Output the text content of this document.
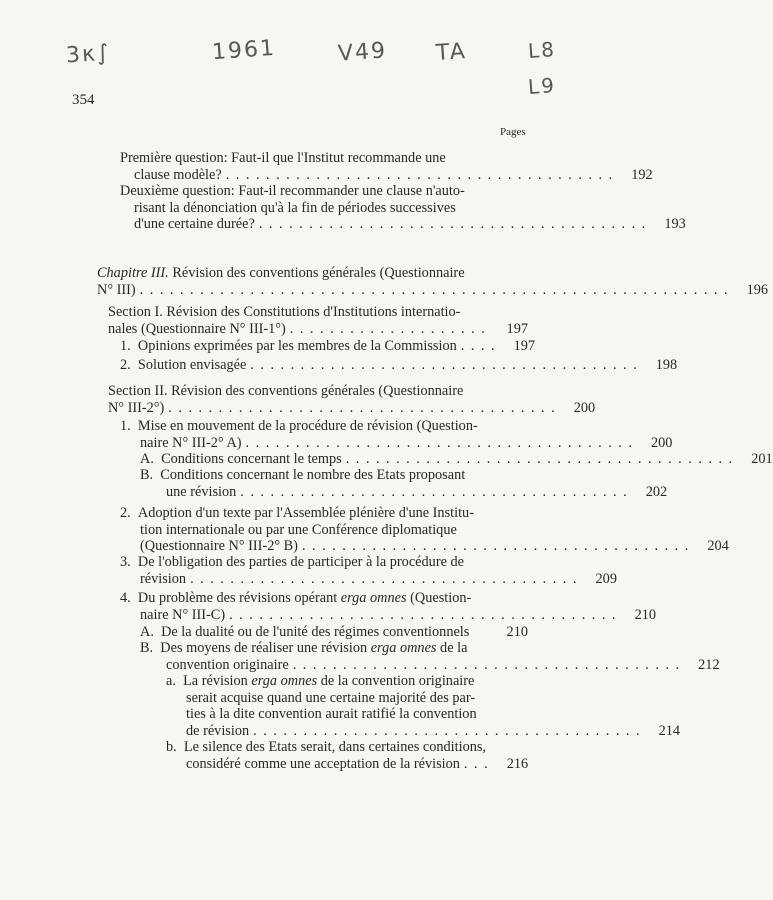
3κ∫	1961	V49 TA	L8
L9
354
Pages
Première question: Faut-il que l'Institut recommande une
clause modèle? ....................................... 192
Deuxième question: Faut-il recommander une clause n'auto-
risant la dénonciation qu'à la fin de périodes successives
d'une certaine durée? ....................................... 193
Chapitre III. Révision des conventions générales (Questionnaire
N° III) ........................................................... 196
Section I. Révision des Constitutions d'Institutions internatio-
nales (Questionnaire N° III-1°) ....................	197
1.
Opinions exprimées par les membres de la Commission .... 197
2.
Solution envisagée ....................................... 198
Section II. Révision des conventions générales (Questionnaire
N° III-2°) ....................................... 200
1. Mise en mouvement de la procédure de révision (Question-
naire N° III-2° A) ....................................... 200
A.
Conditions concernant le temps ....................................... 201
B. Conditions concernant le nombre des Etats proposant
une révision ....................................... 202
2. Adoption d'un texte par l'Assemblée plénière d'une Institu-
tion internationale ou par une Conférence diplomatique
(Questionnaire N° III-2° B) ....................................... 204
3. De l'obligation des parties de participer à la procédure de
révision ....................................... 209
4. Du problème des révisions opérant erga omnes (Question-
naire N° III-C) ....................................... 210
A.
De la dualité ou de l'unité des régimes conventionnels	210
B. Des moyens de réaliser une révision erga omnes de la
convention originaire ....................................... 212
a. La révision erga omnes de la convention originaire
serait acquise quand une certaine majorité des par-
ties à la dite convention aurait ratifié la convention
de révision ....................................... 214
b. Le silence des Etats serait, dans certaines conditions,
considéré comme une acceptation de la révision ... 216
